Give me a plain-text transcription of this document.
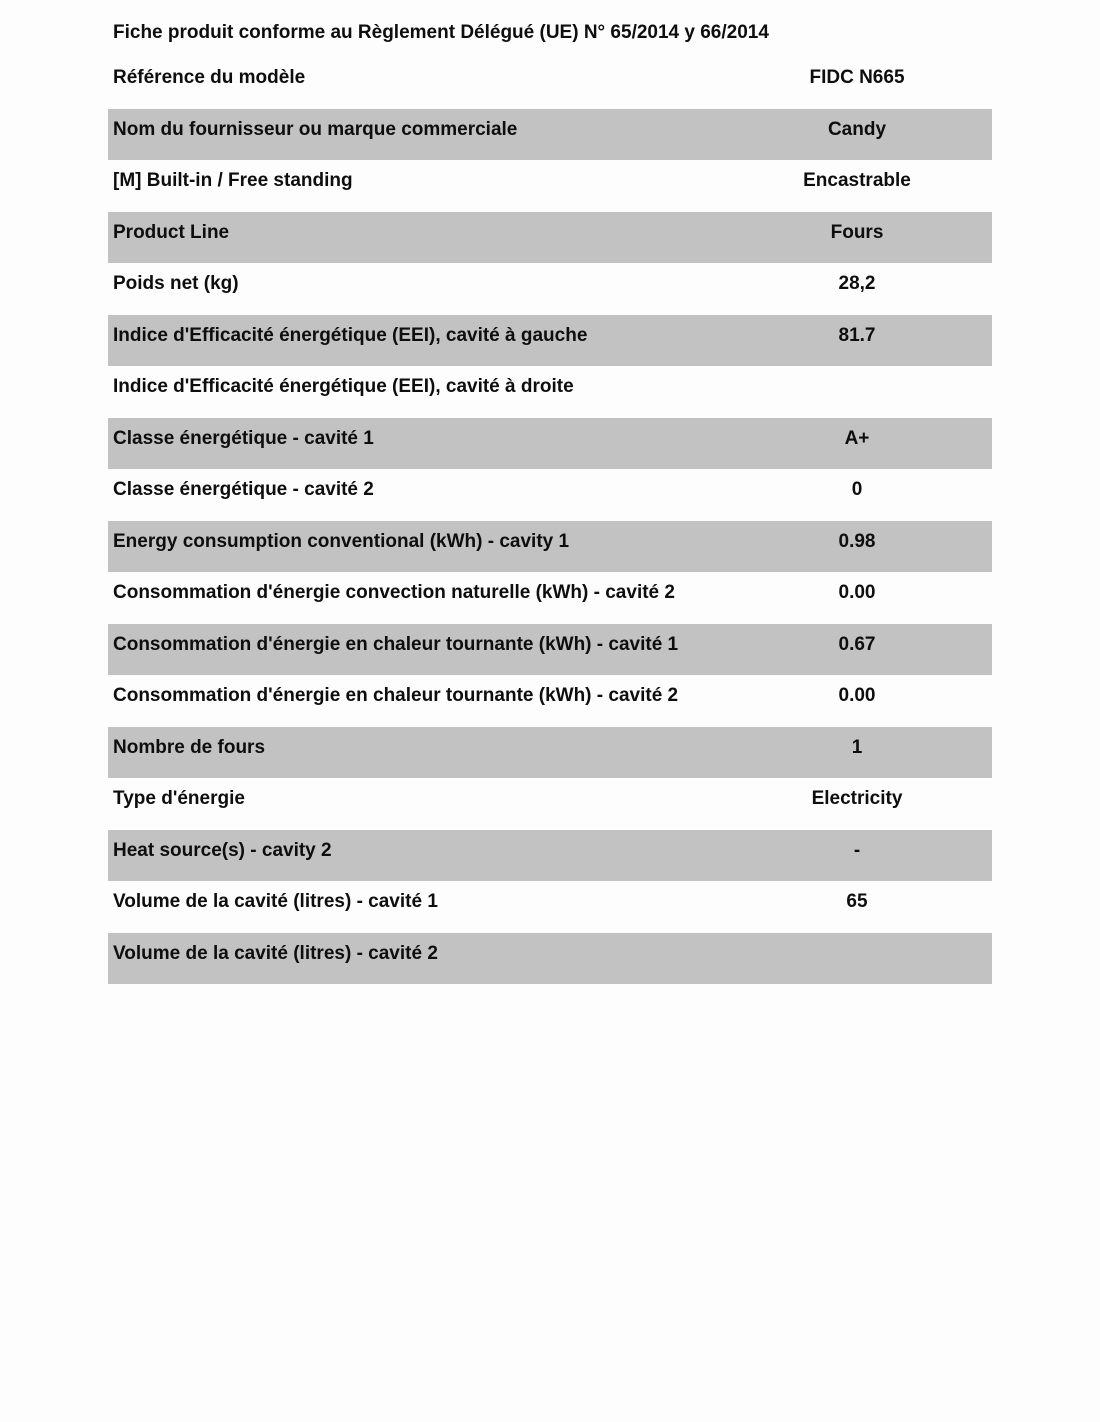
Fiche produit conforme au Règlement Délégué (UE) N° 65/2014 y 66/2014
Référence du modèle	FIDC N665
Nom du fournisseur ou marque commerciale	Candy
[M] Built-in / Free standing	Encastrable
Product Line	Fours
Poids net (kg)	28,2
Indice d'Efficacité énergétique (EEI), cavité à gauche	81.7
Indice d'Efficacité énergétique (EEI), cavité à droite
Classe énergétique - cavité 1	A+
Classe énergétique - cavité 2	0
Energy consumption conventional (kWh) - cavity 1	0.98
Consommation d'énergie convection naturelle (kWh) - cavité 2	0.00
Consommation d'énergie en chaleur tournante (kWh) - cavité 1	0.67
Consommation d'énergie en chaleur tournante (kWh) - cavité 2	0.00
Nombre de fours	1
Type d'énergie	Electricity
Heat source(s) - cavity 2	-
Volume de la cavité (litres) - cavité 1	65
Volume de la cavité (litres) - cavité 2
